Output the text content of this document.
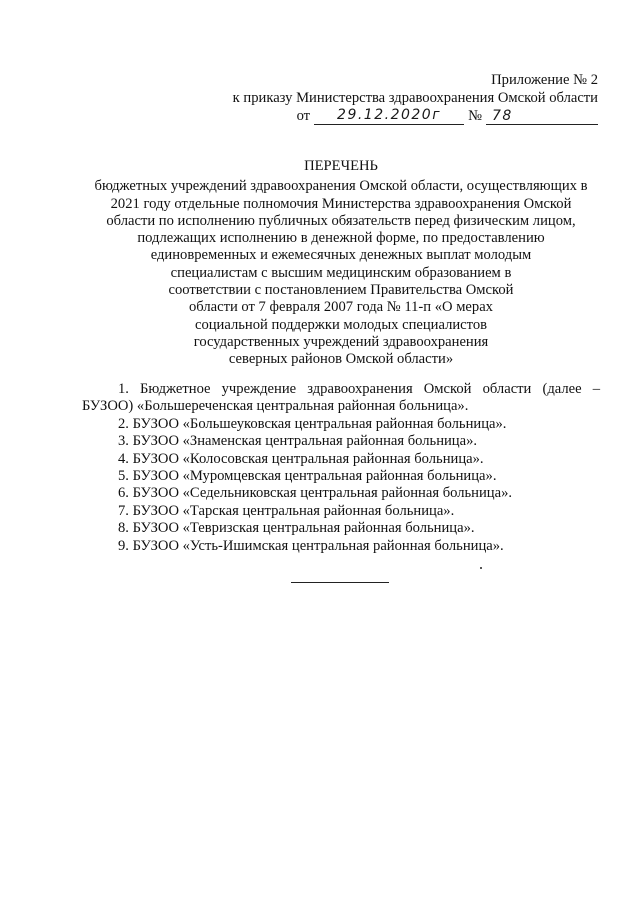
Приложение № 2
к приказу Министерства здравоохранения Омской области
от 29.12.2020г № 78
ПЕРЕЧЕНЬ
бюджетных учреждений здравоохранения Омской области, осуществляющих в
2021 году отдельные полномочия Министерства здравоохранения Омской
области по исполнению публичных обязательств перед физическим лицом,
подлежащих исполнению в денежной форме, по предоставлению
единовременных и ежемесячных денежных выплат молодым
специалистам с высшим медицинским образованием в
соответствии с постановлением Правительства Омской
области от 7 февраля 2007 года № 11-п «О мерах
социальной поддержки молодых специалистов
государственных учреждений здравоохранения
северных районов Омской области»
1. Бюджетное учреждение здравоохранения Омской области (далее –
БУЗОО) «Большереченская центральная районная больница».
2. БУЗОО «Большеуковская центральная районная больница».
3. БУЗОО «Знаменская центральная районная больница».
4. БУЗОО «Колосовская центральная районная больница».
5. БУЗОО «Муромцевская центральная районная больница».
6. БУЗОО «Седельниковская центральная районная больница».
7. БУЗОО «Тарская центральная районная больница».
8. БУЗОО «Тевризская центральная районная больница».
9. БУЗОО «Усть-Ишимская центральная районная больница».
